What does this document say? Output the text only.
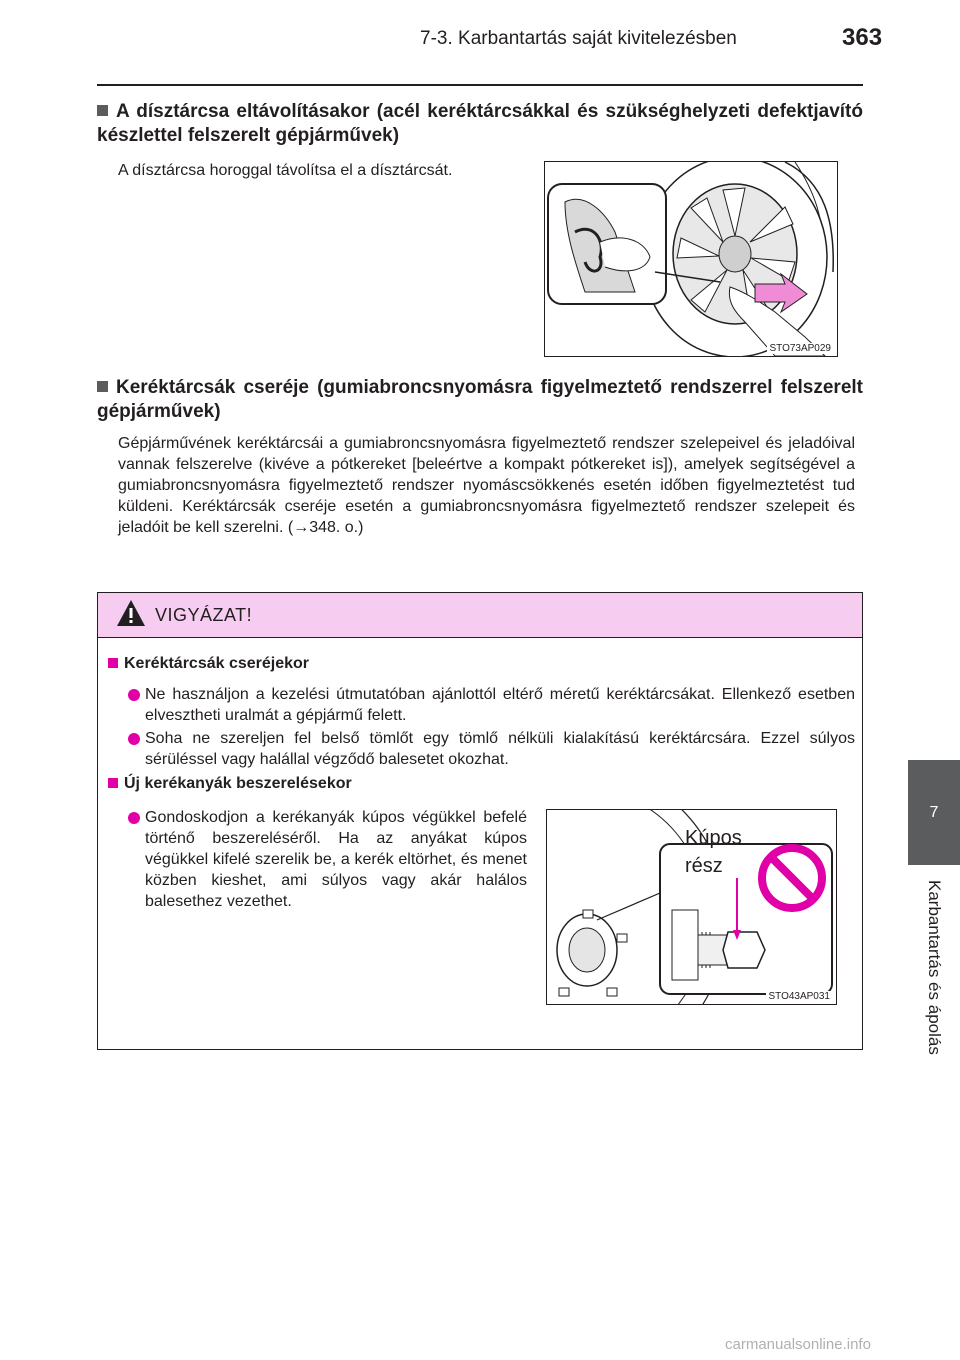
7-3. Karbantartás saját kivitelezésben	363
7
Karbantartás és ápolás
A dísztárcsa eltávolításakor (acél keréktárcsákkal és szükséghelyzeti defektjavító készlettel felszerelt gépjárművek)
A dísztárcsa horoggal távolítsa el a dísztárcsát.
STO73AP029
Keréktárcsák cseréje (gumiabroncsnyomásra figyelmeztető rendszerrel felszerelt gépjárművek)
Gépjárművének keréktárcsái a gumiabroncsnyomásra figyelmeztető rendszer szelepeivel és jeladóival vannak felszerelve (kivéve a pótkereket [beleértve a kompakt pótkereket is]), amelyek segítségével a gumiabroncsnyomásra figyelmeztető rendszer nyomáscsökkenés esetén időben figyelmeztetést tud küldeni. Keréktárcsák cseréje esetén a gumiabroncsnyomásra figyelmeztető rendszer szelepeit és jeladóit be kell szerelni. (→348. o.)
VIGYÁZAT!
Keréktárcsák cseréjekor
Ne használjon a kezelési útmutatóban ajánlottól eltérő méretű keréktárcsákat. Ellenkező esetben elvesztheti uralmát a gépjármű felett.
Soha ne szereljen fel belső tömlőt egy tömlő nélküli kialakítású keréktárcsára. Ezzel súlyos sérüléssel vagy halállal végződő balesetet okozhat.
Új kerékanyák beszerelésekor
Gondoskodjon a kerékanyák kúpos végükkel befelé történő beszereléséről. Ha az anyákat kúpos végükkel kifelé szerelik be, a kerék eltörhet, és menet közben kieshet, ami súlyos vagy akár halálos balesethez vezethet.
Kúpos
rész
STO43AP031
carmanualsonline.info
